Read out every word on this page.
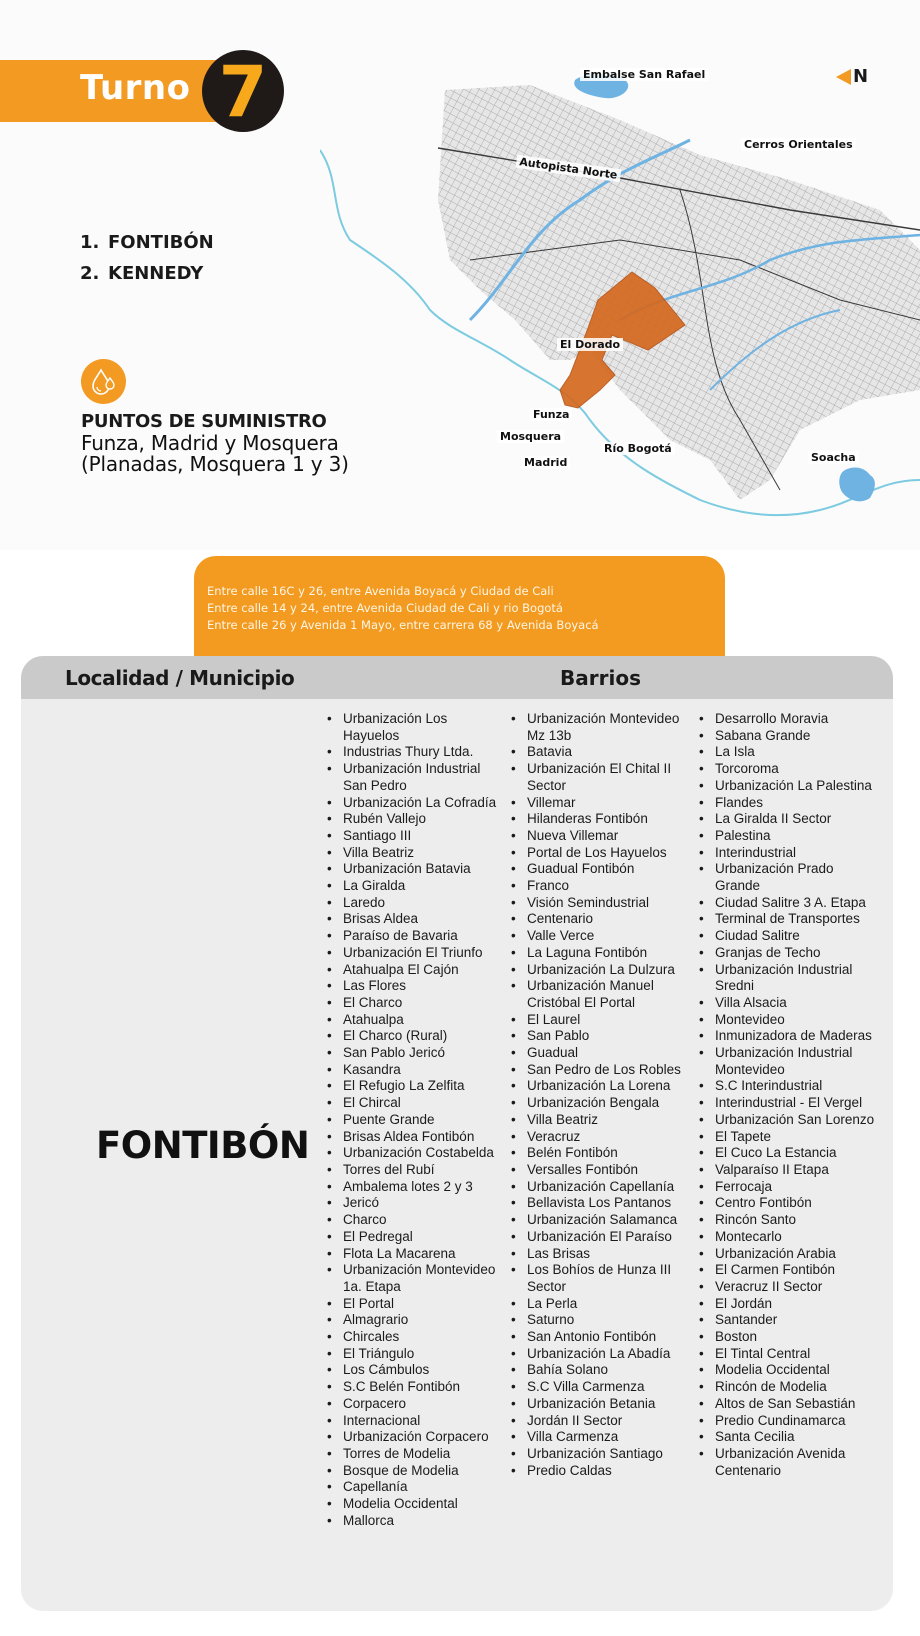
Turno 7
1. FONTIBÓN
2. KENNEDY
PUNTOS DE SUMINISTRO
Funza, Madrid y Mosquera
(Planadas, Mosquera 1 y 3)
Embalse San Rafael
Cerros Orientales
Autopista Norte
El Dorado
Funza
Mosquera
Madrid
Río Bogotá
Soacha
N
Entre calle 16C y 26, entre Avenida Boyacá y Ciudad de Cali
Entre calle 14 y 24, entre Avenida Ciudad de Cali y rio Bogotá
Entre calle 26 y Avenida 1 Mayo, entre carrera 68 y Avenida Boyacá
Localidad / Municipio	Barrios
FONTIBÓN
• Urbanización Los Hayuelos
• Industrias Thury Ltda.
• Urbanización Industrial San Pedro
• Urbanización La Cofradía
• Rubén Vallejo
• Santiago III
• Villa Beatriz
• Urbanización Batavia
• La Giralda
• Laredo
• Brisas Aldea
• Paraíso de Bavaria
• Urbanización El Triunfo
• Atahualpa El Cajón
• Las Flores
• El Charco
• Atahualpa
• El Charco (Rural)
• San Pablo Jericó
• Kasandra
• El Refugio La Zelfita
• El Chircal
• Puente Grande
• Brisas Aldea Fontibón
• Urbanización Costabelda
• Torres del Rubí
• Ambalema lotes 2 y 3
• Jericó
• Charco
• El Pedregal
• Flota La Macarena
• Urbanización Montevideo 1a. Etapa
• El Portal
• Almagrario
• Chircales
• El Triángulo
• Los Cámbulos
• S.C Belén Fontibón
• Corpacero
• Internacional
• Urbanización Corpacero
• Torres de Modelia
• Bosque de Modelia
• Capellanía
• Modelia Occidental
• Mallorca
• Urbanización Montevideo Mz 13b
• Batavia
• Urbanización El Chital II Sector
• Villemar
• Hilanderas Fontibón
• Nueva Villemar
• Portal de Los Hayuelos
• Guadual Fontibón
• Franco
• Visión Semindustrial
• Centenario
• Valle Verce
• La Laguna Fontibón
• Urbanización La Dulzura
• Urbanización Manuel Cristóbal El Portal
• El Laurel
• San Pablo
• Guadual
• San Pedro de Los Robles
• Urbanización La Lorena
• Urbanización Bengala
• Villa Beatriz
• Veracruz
• Belén Fontibón
• Versalles Fontibón
• Urbanización Capellanía
• Bellavista Los Pantanos
• Urbanización Salamanca
• Urbanización El Paraíso
• Las Brisas
• Los Bohíos de Hunza III Sector
• La Perla
• Saturno
• San Antonio Fontibón
• Urbanización La Abadía
• Bahía Solano
• S.C Villa Carmenza
• Urbanización Betania
• Jordán II Sector
• Villa Carmenza
• Urbanización Santiago
• Predio Caldas
• Desarrollo Moravia
• Sabana Grande
• La Isla
• Torcoroma
• Urbanización La Palestina
• Flandes
• La Giralda II Sector
• Palestina
• Interindustrial
• Urbanización Prado Grande
• Ciudad Salitre 3 A. Etapa
• Terminal de Transportes
• Ciudad Salitre
• Granjas de Techo
• Urbanización Industrial Sredni
• Villa Alsacia
• Montevideo
• Inmunizadora de Maderas
• Urbanización Industrial Montevideo
• S.C Interindustrial
• Interindustrial - El Vergel
• Urbanización San Lorenzo
• El Tapete
• El Cuco La Estancia
• Valparaíso II Etapa
• Ferrocaja
• Centro Fontibón
• Rincón Santo
• Montecarlo
• Urbanización Arabia
• El Carmen Fontibón
• Veracruz II Sector
• El Jordán
• Santander
• Boston
• El Tintal Central
• Modelia Occidental
• Rincón de Modelia
• Altos de San Sebastián
• Predio Cundinamarca
• Santa Cecilia
• Urbanización Avenida Centenario
